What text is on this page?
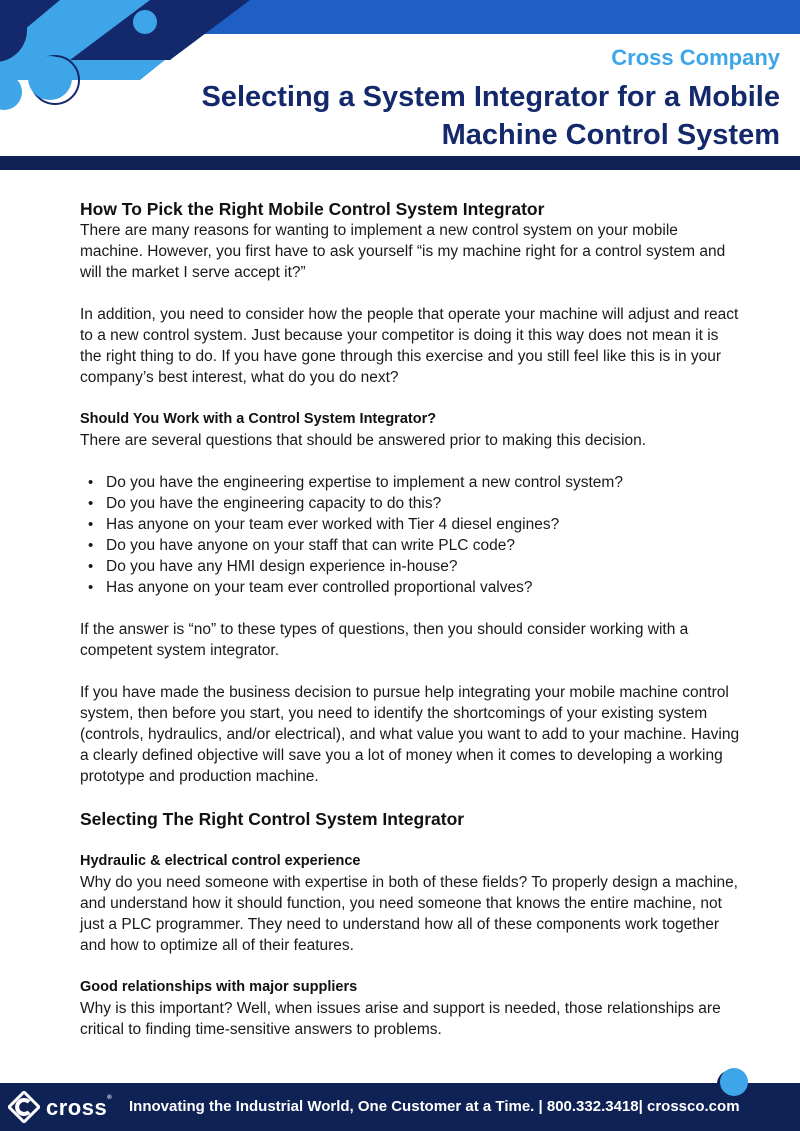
Cross Company
Selecting a System Integrator for a Mobile Machine Control System
How To Pick the Right Mobile Control System Integrator

There are many reasons for wanting to implement a new control system on your mobile machine. However, you first have to ask yourself “is my machine right for a control system and will the market I serve accept it?”

In addition, you need to consider how the people that operate your machine will adjust and react to a new control system. Just because your competitor is doing it this way does not mean it is the right thing to do. If you have gone through this exercise and you still feel like this is in your company’s best interest, what do you do next?

Should You Work with a Control System Integrator?

There are several questions that should be answered prior to making this decision.

• Do you have the engineering expertise to implement a new control system?
• Do you have the engineering capacity to do this?
• Has anyone on your team ever worked with Tier 4 diesel engines?
• Do you have anyone on your staff that can write PLC code?
• Do you have any HMI design experience in-house?
• Has anyone on your team ever controlled proportional valves?

If the answer is “no” to these types of questions, then you should consider working with a competent system integrator.

If you have made the business decision to pursue help integrating your mobile machine control system, then before you start, you need to identify the shortcomings of your existing system (controls, hydraulics, and/or electrical), and what value you want to add to your machine. Having a clearly defined objective will save you a lot of money when it comes to developing a working prototype and production machine.

Selecting The Right Control System Integrator
Hydraulic & electrical control experience

Why do you need someone with expertise in both of these fields? To properly design a machine, and understand how it should function, you need someone that knows the entire machine, not just a PLC programmer. They need to understand how all of these components work together and how to optimize all of their features.

Good relationships with major suppliers

Why is this important? Well, when issues arise and support is needed, those relationships are critical to finding time-sensitive answers to problems.

cross® Innovating the Industrial World, One Customer at a Time. | 800.332.3418| crossco.com
